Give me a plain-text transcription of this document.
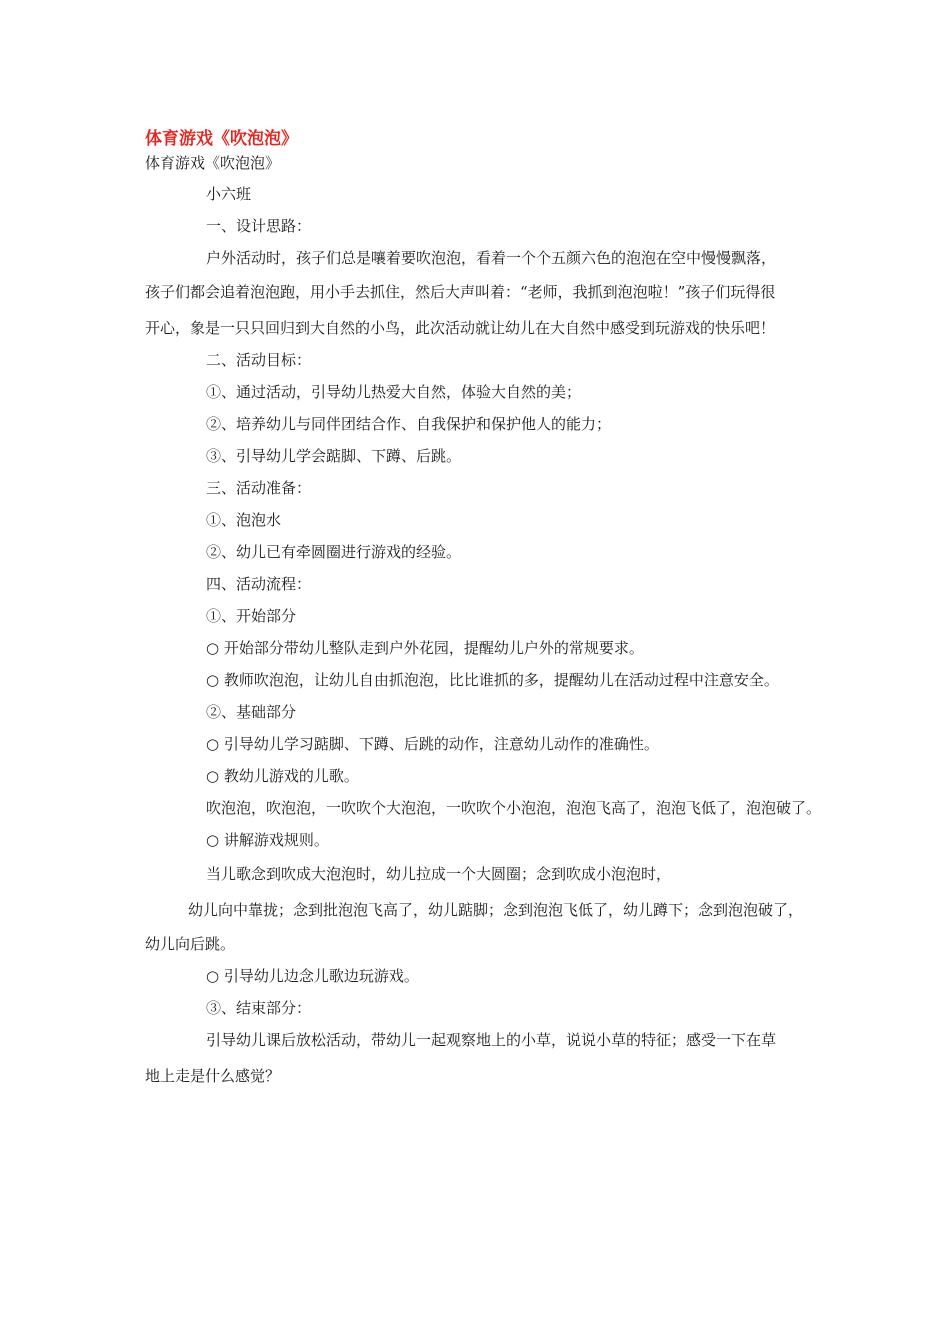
体育游戏《吹泡泡》
体育游戏《吹泡泡》
小六班
一、设计思路：
户外活动时，孩子们总是嚷着要吹泡泡，看着一个个五颜六色的泡泡在空中慢慢飘落，
孩子们都会追着泡泡跑，用小手去抓住，然后大声叫着：“老师，我抓到泡泡啦！”孩子们玩得很
开心，象是一只只回归到大自然的小鸟，此次活动就让幼儿在大自然中感受到玩游戏的快乐吧！
二、活动目标：
①、通过活动，引导幼儿热爱大自然，体验大自然的美；
②、培养幼儿与同伴团结合作、自我保护和保护他人的能力；
③、引导幼儿学会踮脚、下蹲、后跳。
三、活动准备：
①、泡泡水
②、幼儿已有牵圆圈进行游戏的经验。
四、活动流程：
①、开始部分
○ 开始部分带幼儿整队走到户外花园，提醒幼儿户外的常规要求。
○ 教师吹泡泡，让幼儿自由抓泡泡，比比谁抓的多，提醒幼儿在活动过程中注意安全。
②、基础部分
○ 引导幼儿学习踮脚、下蹲、后跳的动作，注意幼儿动作的准确性。
○ 教幼儿游戏的儿歌。
吹泡泡，吹泡泡，一吹吹个大泡泡，一吹吹个小泡泡，泡泡飞高了，泡泡飞低了，泡泡破了。
○ 讲解游戏规则。
当儿歌念到吹成大泡泡时，幼儿拉成一个大圆圈；念到吹成小泡泡时，
幼儿向中靠拢；念到批泡泡飞高了，幼儿踮脚；念到泡泡飞低了，幼儿蹲下；念到泡泡破了，
幼儿向后跳。
○ 引导幼儿边念儿歌边玩游戏。
③、结束部分：
引导幼儿课后放松活动，带幼儿一起观察地上的小草，说说小草的特征；感受一下在草
地上走是什么感觉？
